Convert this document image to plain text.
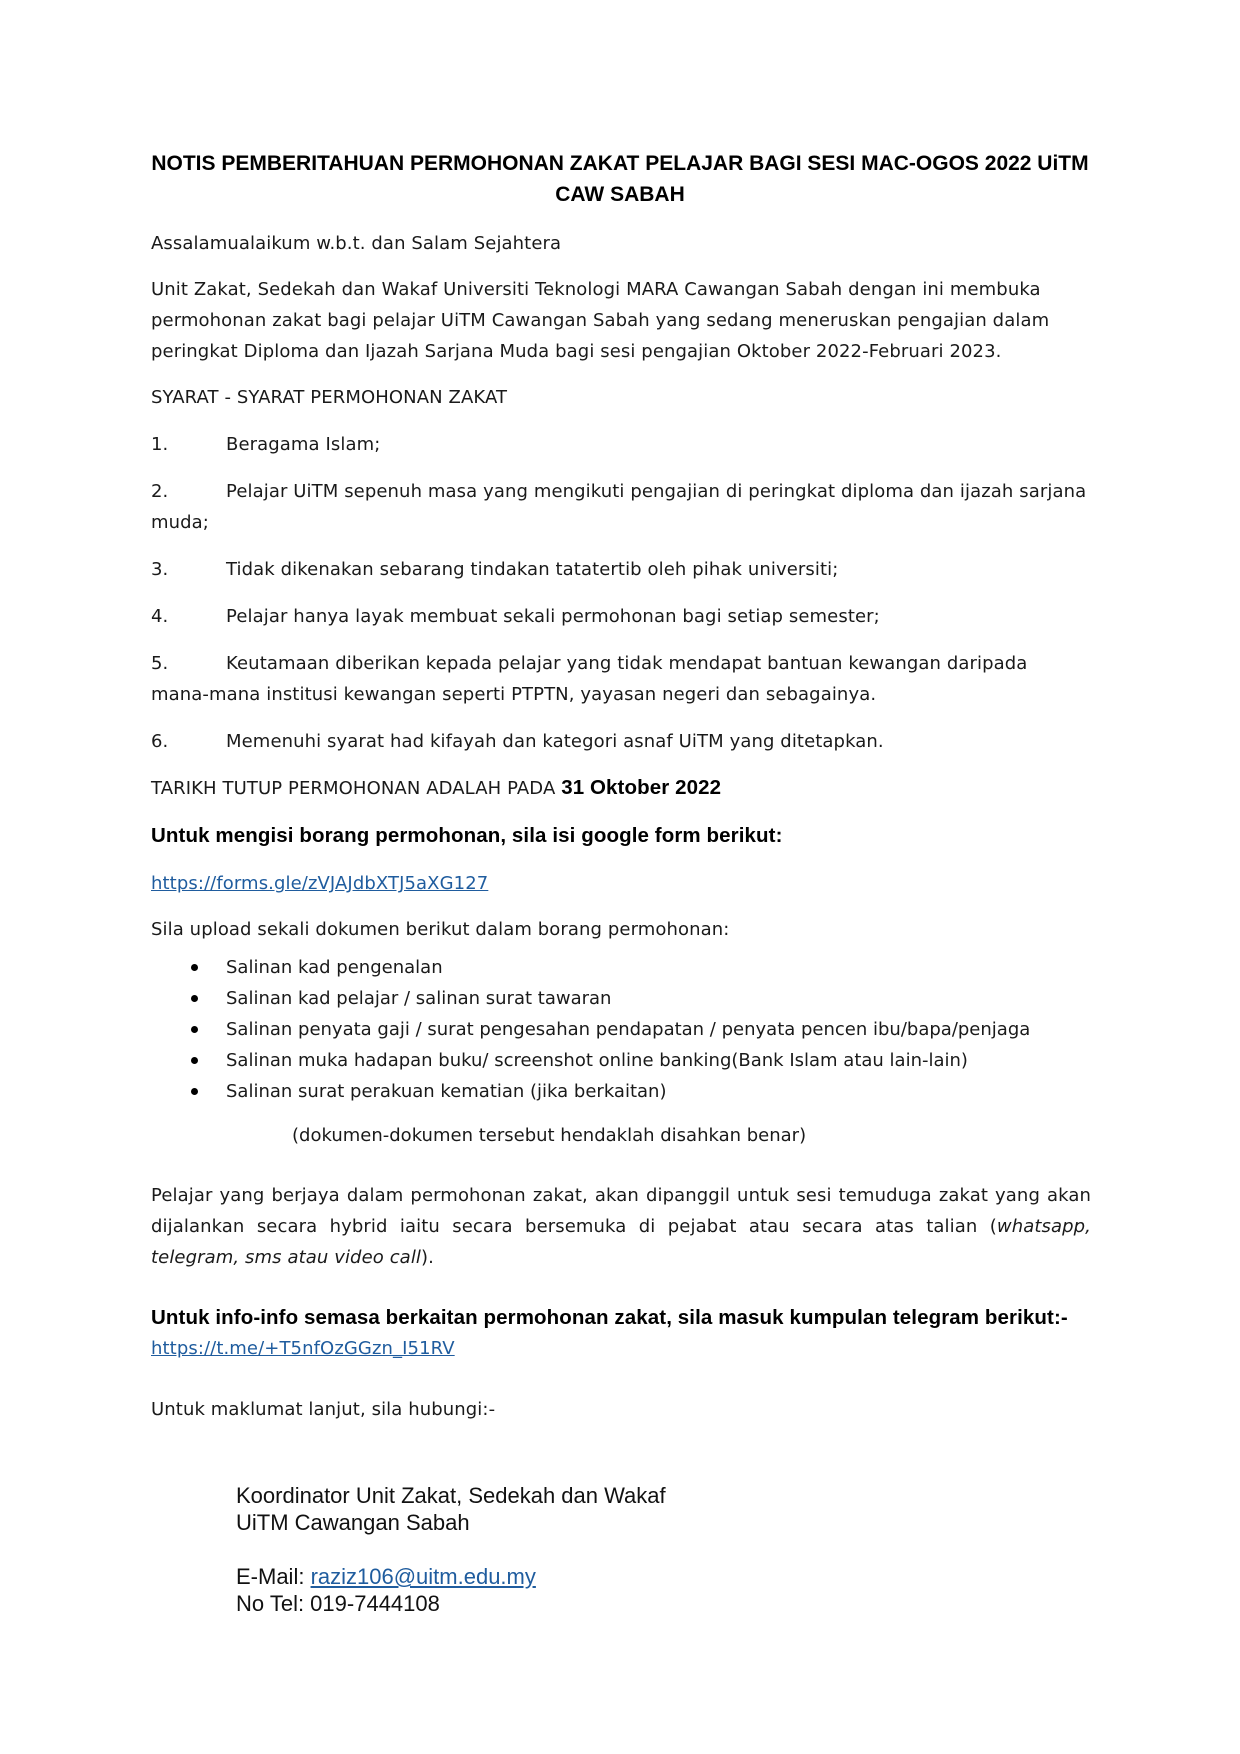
NOTIS PEMBERITAHUAN PERMOHONAN ZAKAT PELAJAR BAGI SESI MAC-OGOS 2022 UiTM CAW SABAH
Assalamualaikum w.b.t. dan Salam Sejahtera
Unit Zakat, Sedekah dan Wakaf Universiti Teknologi MARA Cawangan Sabah dengan ini membuka permohonan zakat bagi pelajar UiTM Cawangan Sabah yang sedang meneruskan pengajian dalam peringkat Diploma dan Ijazah Sarjana Muda bagi sesi pengajian Oktober 2022-Februari 2023.
SYARAT - SYARAT PERMOHONAN ZAKAT
1.	Beragama Islam;
2.	Pelajar UiTM sepenuh masa yang mengikuti pengajian di peringkat diploma dan ijazah sarjana muda;
3.	Tidak dikenakan sebarang tindakan tatatertib oleh pihak universiti;
4.	Pelajar hanya layak membuat sekali permohonan bagi setiap semester;
5.	Keutamaan diberikan kepada pelajar yang tidak mendapat bantuan kewangan daripada mana-mana institusi kewangan seperti PTPTN, yayasan negeri dan sebagainya.
6.	Memenuhi syarat had kifayah dan kategori asnaf UiTM yang ditetapkan.
TARIKH TUTUP PERMOHONAN ADALAH PADA 31 Oktober 2022
Untuk mengisi borang permohonan, sila isi google form berikut:
https://forms.gle/zVJAJdbXTJ5aXG127
Sila upload sekali dokumen berikut dalam borang permohonan:
Salinan kad pengenalan
Salinan kad pelajar / salinan surat tawaran
Salinan penyata gaji / surat pengesahan pendapatan / penyata pencen ibu/bapa/penjaga
Salinan muka hadapan buku/ screenshot online banking(Bank Islam atau lain-lain)
Salinan surat perakuan kematian (jika berkaitan)
(dokumen-dokumen tersebut hendaklah disahkan benar)
Pelajar yang berjaya dalam permohonan zakat, akan dipanggil untuk sesi temuduga zakat yang akan dijalankan secara hybrid iaitu secara bersemuka di pejabat atau secara atas talian (whatsapp, telegram, sms atau video call).
Untuk info-info semasa berkaitan permohonan zakat, sila masuk kumpulan telegram berikut:-
https://t.me/+T5nfOzGGzn_I51RV
Untuk maklumat lanjut, sila hubungi:-
Koordinator Unit Zakat, Sedekah dan Wakaf
UiTM Cawangan Sabah
E-Mail: raziz106@uitm.edu.my
No Tel: 019-7444108
